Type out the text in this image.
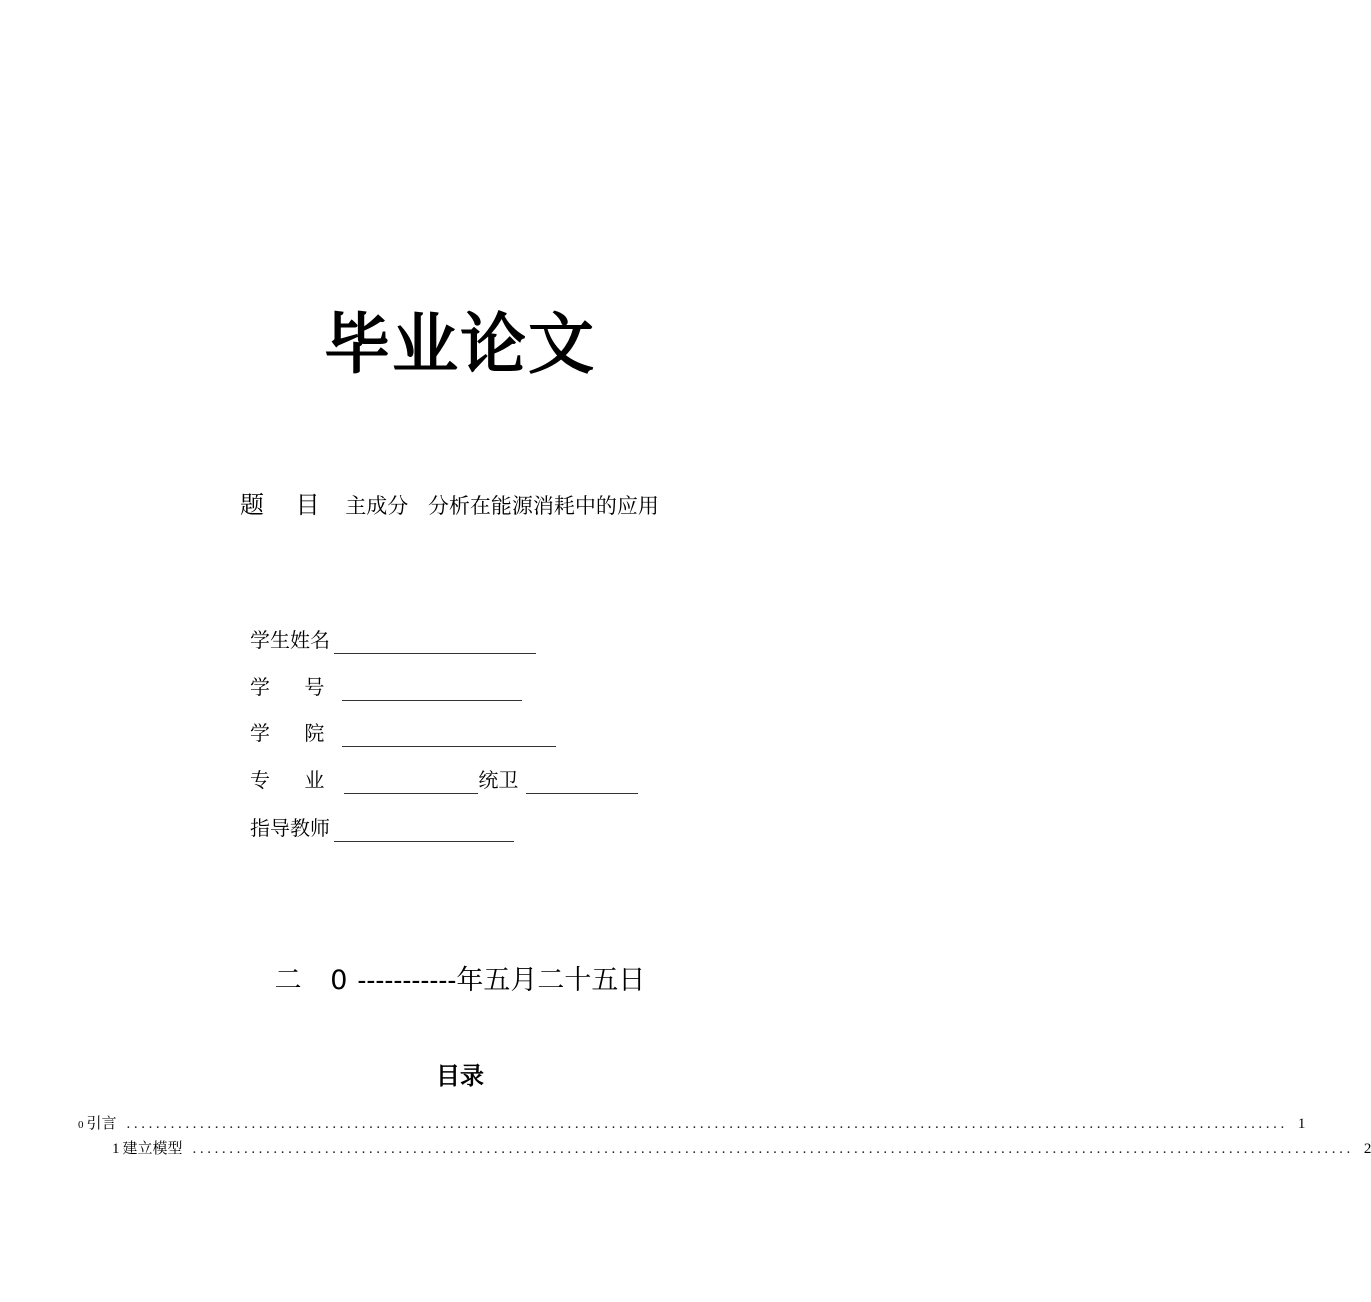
毕业论文
题 目 主成分 分析在能源消耗中的应用
学生姓名
学 号
学 院
专 业	统卫
指导教师
二 0-----------年五月二十五日
目录
0 引言 .............................................................................................................................................................. 1
1 建立模型 .............................................................................................................................................................. 2
